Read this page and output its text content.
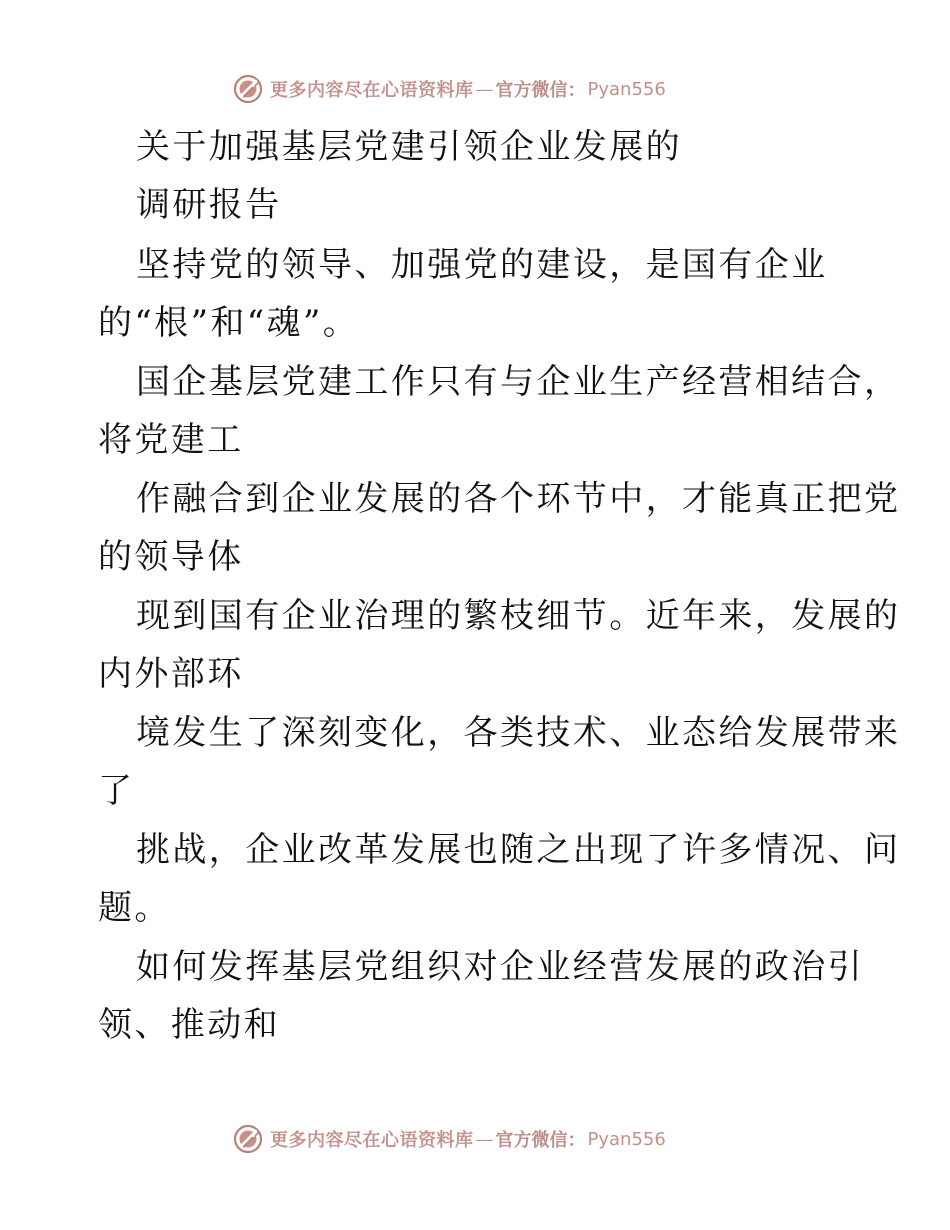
更多内容尽在心语资料库 — 官方微信： Pyan556
关于加强基层党建引领企业发展的
调研报告
坚持党的领导、加强党的建设，是国有企业
的“根”和“魂”。
国企基层党建工作只有与企业生产经营相结合，
将党建工
作融合到企业发展的各个环节中，才能真正把党
的领导体
现到国有企业治理的繁枝细节。近年来，发展的
内外部环
境发生了深刻变化，各类技术、业态给发展带来
了
挑战，企业改革发展也随之出现了许多情况、问
题。
如何发挥基层党组织对企业经营发展的政治引
领、推动和
更多内容尽在心语资料库 — 官方微信： Pyan556
